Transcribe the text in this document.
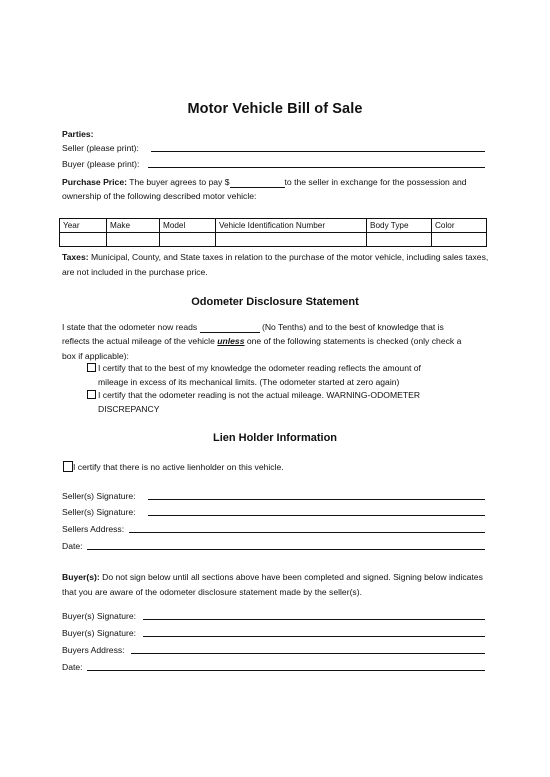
Motor Vehicle Bill of Sale
Parties:
Seller (please print):
Buyer (please print):
Purchase Price: The buyer agrees to pay $	to the seller in exchange for the possession and
ownership of the following described motor vehicle:
Year	Make	Model	Vehicle Identification Number	Body Type	Color

Taxes: Municipal, County, and State taxes in relation to the purchase of the motor vehicle, including sales taxes, are not included in the purchase price.
Odometer Disclosure Statement
I state that the odometer now reads	(No Tenths) and to the best of knowledge that is
reflects the actual mileage of the vehicle unless one of the following statements is checked (only check a
box if applicable):
I certify that to the best of my knowledge the odometer reading reflects the amount of
mileage in excess of its mechanical limits. (The odometer started at zero again)
I certify that the odometer reading is not the actual mileage. WARNING-ODOMETER
DISCREPANCY
Lien Holder Information
I certify that there is no active lienholder on this vehicle.
Seller(s) Signature:
Seller(s) Signature:
Sellers Address:
Date:
Buyer(s): Do not sign below until all sections above have been completed and signed. Signing below indicates that you are aware of the odometer disclosure statement made by the seller(s).
Buyer(s) Signature:
Buyer(s) Signature:
Buyers Address:
Date:
